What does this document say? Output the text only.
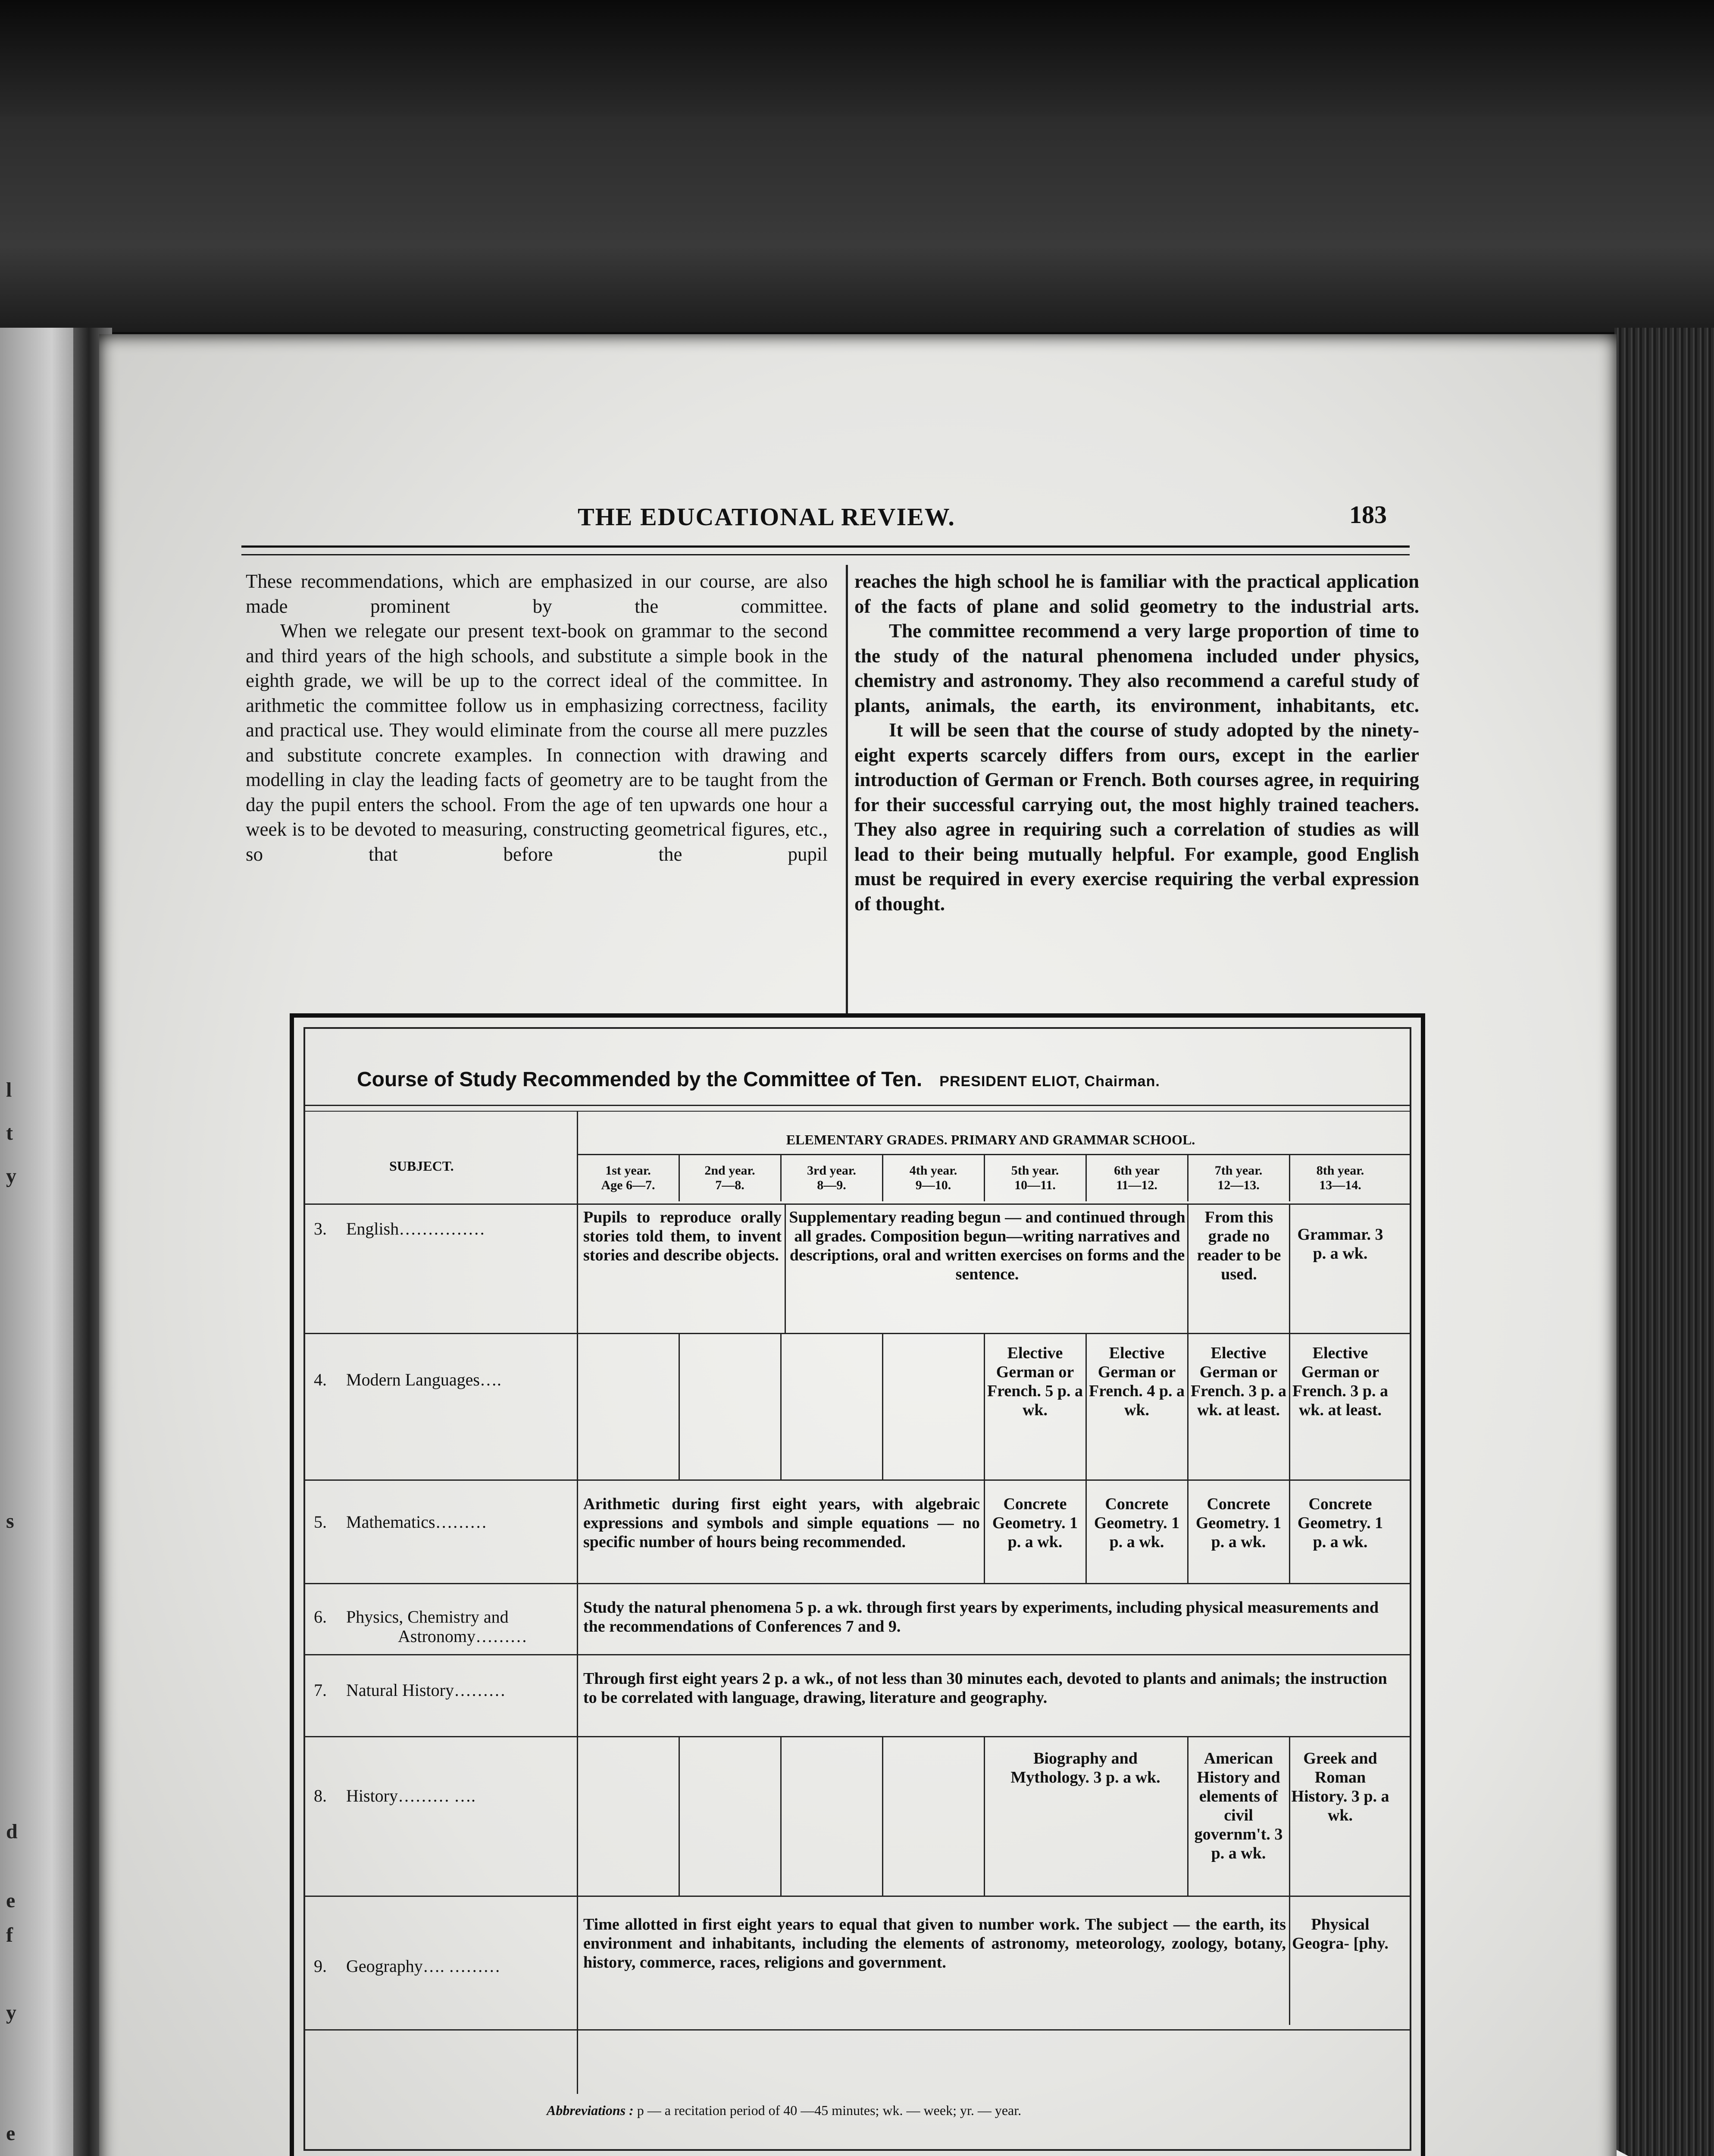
l
t
y
s
d
e
f
y
e
THE EDUCATIONAL REVIEW.	183

These recommendations, which are emphasized in our course, are also made prominent by the committee.

When we relegate our present text-book on grammar to the second and third years of the high schools, and substitute a simple book in the eighth grade, we will be up to the correct ideal of the committee. In arithmetic the committee follow us in emphasizing correctness, facility and practical use. They would eliminate from the course all mere puzzles and substitute concrete examples. In connection with drawing and modelling in clay the leading facts of geometry are to be taught from the day the pupil enters the school. From the age of ten upwards one hour a week is to be devoted to measuring, constructing geometrical figures, etc., so that before the pupil

reaches the high school he is familiar with the practical application of the facts of plane and solid geometry to the industrial arts.

The committee recommend a very large proportion of time to the study of the natural phenomena included under physics, chemistry and astronomy. They also recommend a careful study of plants, animals, the earth, its environment, inhabitants, etc.

It will be seen that the course of study adopted by the ninety-eight experts scarcely differs from ours, except in the earlier introduction of German or French. Both courses agree, in requiring for their successful carrying out, the most highly trained teachers. They also agree in requiring such a correlation of studies as will lead to their being mutually helpful. For example, good English must be required in every exercise requiring the verbal expression of thought.

Course of Study Recommended by the Committee of Ten. PRESIDENT ELIOT, Chairman.
SUBJECT.
ELEMENTARY GRADES. PRIMARY AND GRAMMAR SCHOOL.
1st year.
Age 6—7.
2nd year.
7—8.
3rd year.
8—9.
4th year.
9—10.
5th year.
10—11.
6th year
11—12.
7th year.
12—13.
8th year.
13—14.
3. English……………
Pupils to reproduce orally stories told them, to invent stories and describe objects.
Supplementary reading begun — and continued through all grades. Composition begun—writing narratives and descriptions, oral and written exercises on forms and the sentence.
From this grade no reader to be used.
Grammar. 3 p. a wk.
4. Modern Languages….
Elective German or French. 5 p. a wk.
Elective German or French. 4 p. a wk.
Elective German or French. 3 p. a wk. at least.
Elective German or French. 3 p. a wk. at least.
5. Mathematics………
Arithmetic during first eight years, with algebraic expressions and symbols and simple equations — no specific number of hours being recommended.
Concrete Geometry. 1 p. a wk.
Concrete Geometry. 1 p. a wk.
Concrete Geometry. 1 p. a wk.
Concrete Geometry. 1 p. a wk.
6. Physics, Chemistry and
Astronomy………
Study the natural phenomena 5 p. a wk. through first years by experiments, including physical measurements and the recommendations of Conferences 7 and 9.
7. Natural History………
Through first eight years 2 p. a wk., of not less than 30 minutes each, devoted to plants and animals; the instruction to be correlated with language, drawing, literature and geography.
8. History……… ….
Biography and Mythology. 3 p. a wk.
American History and elements of civil governm't. 3 p. a wk.
Greek and Roman History. 3 p. a wk.
9. Geography…. ………
Time allotted in first eight years to equal that given to number work. The subject — the earth, its environment and inhabitants, including the elements of astronomy, meteorology, zoology, botany, history, commerce, races, religions and government.
Physical Geogra- [phy.
Abbreviations : p — a recitation period of 40 —45 minutes; wk. — week; yr. — year.
